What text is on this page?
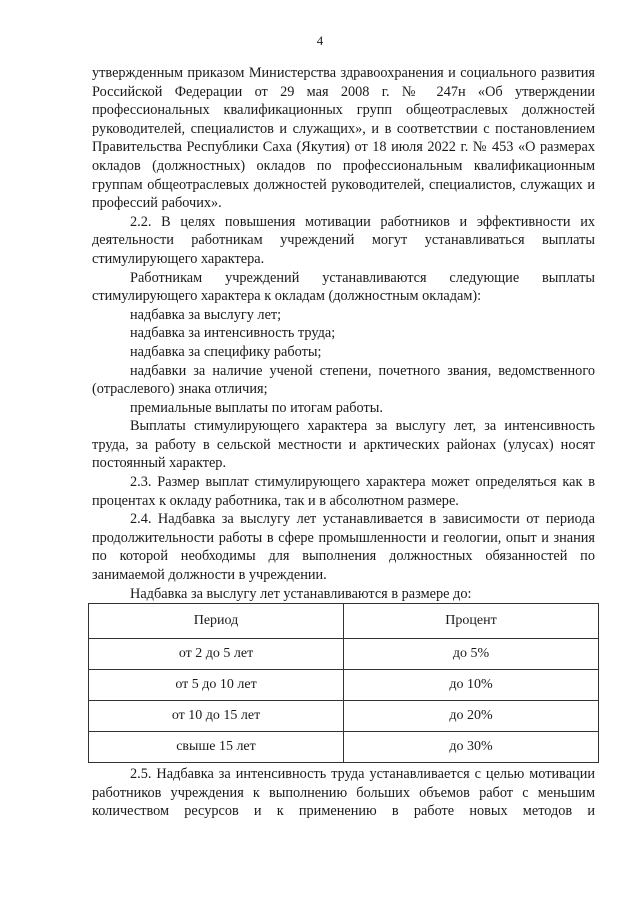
4

утвержденным приказом Министерства здравоохранения и социального развития Российской Федерации от 29 мая 2008 г. № 247н «Об утверждении профессиональных квалификационных групп общеотраслевых должностей руководителей, специалистов и служащих», и в соответствии с постановлением Правительства Республики Саха (Якутия) от 18 июля 2022 г. № 453 «О размерах окладов (должностных) окладов по профессиональным квалификационным группам общеотраслевых должностей руководителей, специалистов, служащих и профессий рабочих».

2.2. В целях повышения мотивации работников и эффективности их деятельности работникам учреждений могут устанавливаться выплаты стимулирующего характера.

Работникам учреждений устанавливаются следующие выплаты стимулирующего характера к окладам (должностным окладам):

надбавка за выслугу лет;

надбавка за интенсивность труда;

надбавка за специфику работы;

надбавки за наличие ученой степени, почетного звания, ведомственного (отраслевого) знака отличия;

премиальные выплаты по итогам работы.

Выплаты стимулирующего характера за выслугу лет, за интенсивность труда, за работу в сельской местности и арктических районах (улусах) носят постоянный характер.

2.3. Размер выплат стимулирующего характера может определяться как в процентах к окладу работника, так и в абсолютном размере.

2.4. Надбавка за выслугу лет устанавливается в зависимости от периода продолжительности работы в сфере промышленности и геологии, опыт и знания по которой необходимы для выполнения должностных обязанностей по занимаемой должности в учреждении.

Надбавка за выслугу лет устанавливаются в размере до:

Период	Процент
от 2 до 5 лет	до 5%
от 5 до 10 лет	до 10%
от 10 до 15 лет	до 20%
свыше 15 лет	до 30%

2.5. Надбавка за интенсивность труда устанавливается с целью мотивации работников учреждения к выполнению больших объемов работ с меньшим количеством ресурсов и к применению в работе новых методов и
